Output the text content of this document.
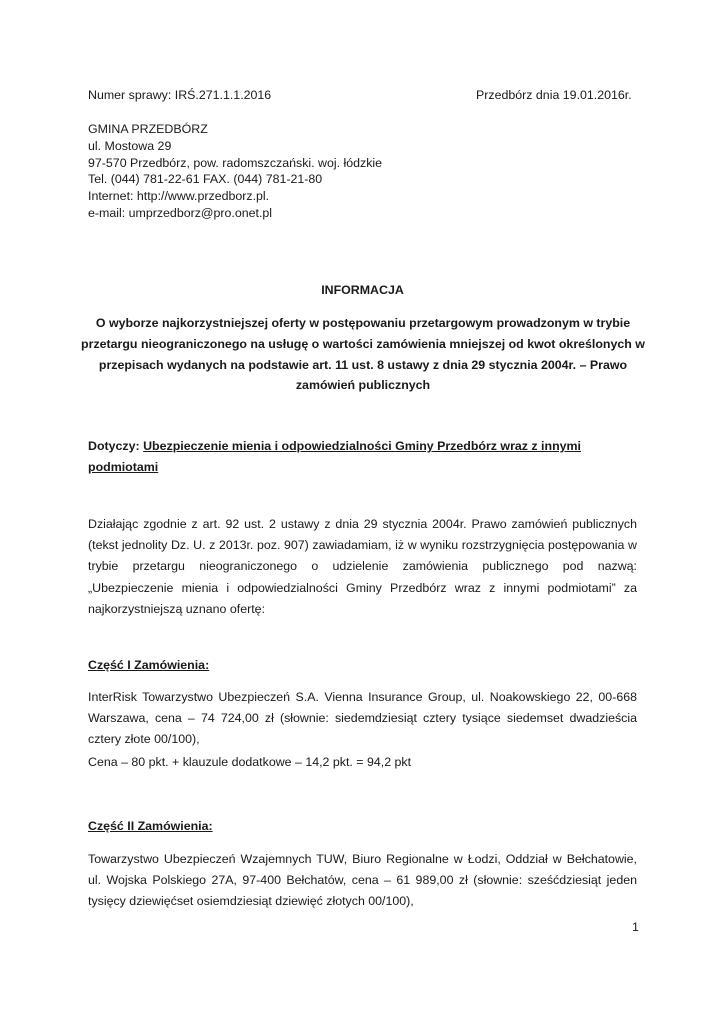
Numer sprawy: IRŚ.271.1.1.2016	Przedbórz dnia 19.01.2016r.
GMINA PRZEDBÓRZ
ul. Mostowa 29
97-570 Przedbórz, pow. radomszczański. woj. łódzkie
Tel. (044) 781-22-61 FAX. (044) 781-21-80
Internet: http://www.przedborz.pl.
e-mail: umprzedborz@pro.onet.pl
INFORMACJA
O wyborze najkorzystniejszej oferty w postępowaniu przetargowym prowadzonym w trybie przetargu nieograniczonego na usługę o wartości zamówienia mniejszej od kwot określonych w przepisach wydanych na podstawie art. 11 ust. 8 ustawy z dnia 29 stycznia 2004r. – Prawo zamówień publicznych
Dotyczy: Ubezpieczenie mienia i odpowiedzialności Gminy Przedbórz wraz z innymi podmiotami
Działając zgodnie z art. 92 ust. 2 ustawy z dnia 29 stycznia 2004r. Prawo zamówień publicznych (tekst jednolity Dz. U. z 2013r. poz. 907) zawiadamiam, iż w wyniku rozstrzygnięcia postępowania w trybie przetargu nieograniczonego o udzielenie zamówienia publicznego pod nazwą: „Ubezpieczenie mienia i odpowiedzialności Gminy Przedbórz wraz z innymi podmiotami” za najkorzystniejszą uznano ofertę:
Część I Zamówienia:
InterRisk Towarzystwo Ubezpieczeń S.A. Vienna Insurance Group, ul. Noakowskiego 22, 00-668 Warszawa, cena – 74 724,00 zł (słownie: siedemdziesiąt cztery tysiące siedemset dwadzieścia cztery złote 00/100),
Cena – 80 pkt. + klauzule dodatkowe – 14,2 pkt. = 94,2 pkt
Część II Zamówienia:
Towarzystwo Ubezpieczeń Wzajemnych TUW, Biuro Regionalne w Łodzi, Oddział w Bełchatowie, ul. Wojska Polskiego 27A, 97-400 Bełchatów, cena – 61 989,00 zł (słownie: sześćdziesiąt jeden tysięcy dziewięćset osiemdziesiąt dziewięć złotych 00/100),
1
